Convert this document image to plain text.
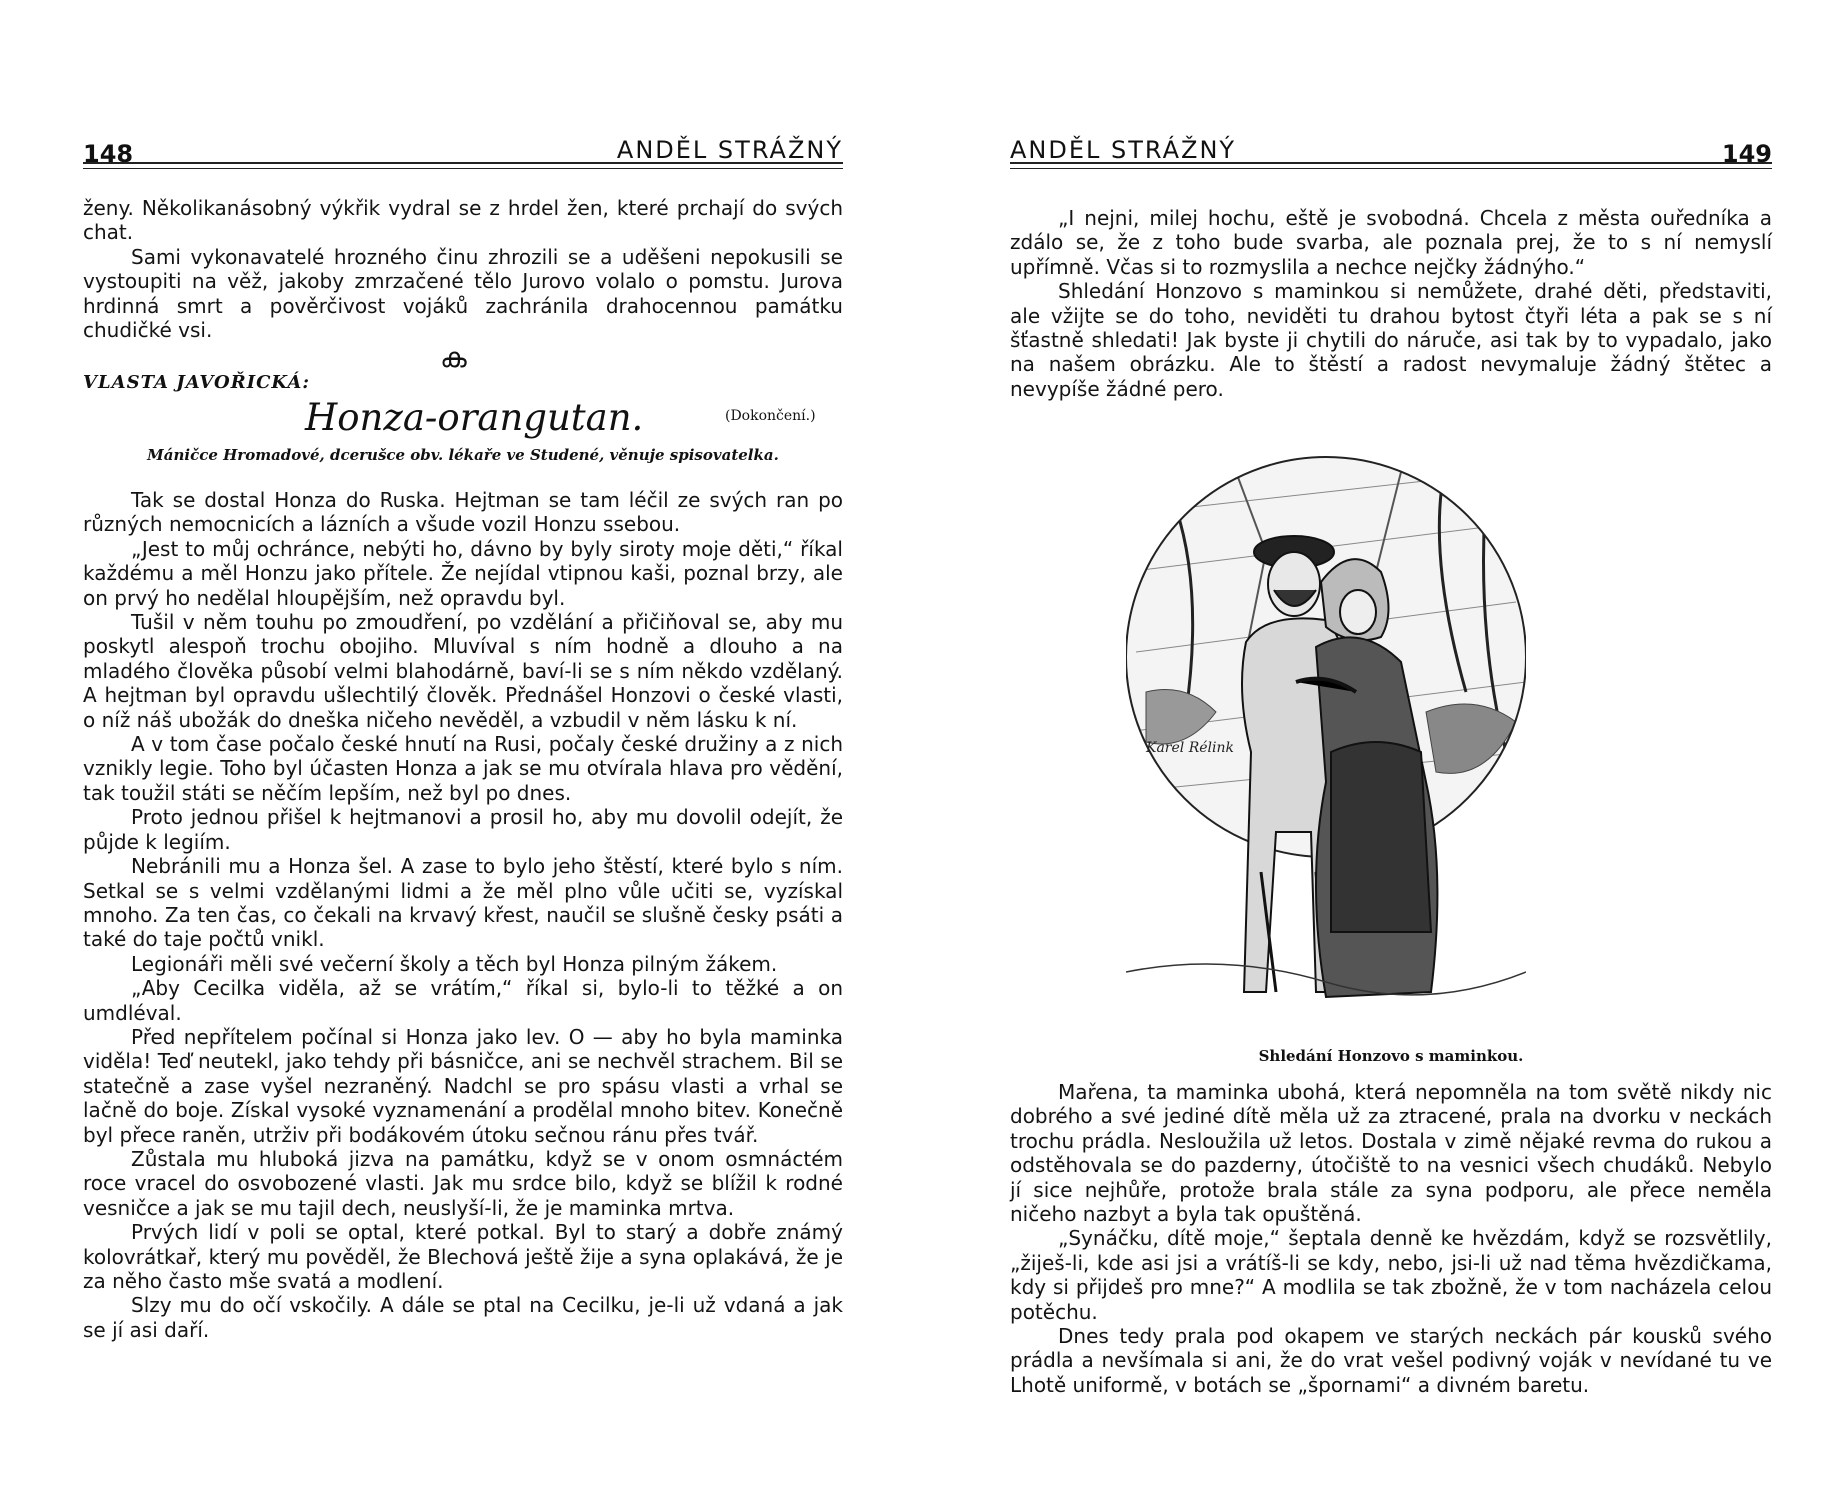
148	ANDĚL STRÁŽNÝ

ženy. Několikanásobný výkřik vydral se z hrdel žen, které prchají do svých chat.

Sami vykonavatelé hrozného činu zhrozili se a uděšeni nepokusili se vystoupiti na věž, jakoby zmrzačené tělo Jurovo volalo o pomstu. Jurova hrdinná smrt a pověrčivost vojáků zachránila drahocennou památku chudičké vsi.

ക
VLASTA JAVOŘICKÁ:
Honza-orangutan.	(Dokončení.)
Máničce Hromadové, dcerušce obv. lékaře ve Studené, věnuje spisovatelka.

Tak se dostal Honza do Ruska. Hejtman se tam léčil ze svých ran po různých nemocnicích a lázních a všude vozil Honzu ssebou.

„Jest to můj ochránce, nebýti ho, dávno by byly siroty moje děti,“ říkal každému a měl Honzu jako přítele. Že nejídal vtipnou kaši, poznal brzy, ale on prvý ho nedělal hloupějším, než opravdu byl.

Tušil v něm touhu po zmoudření, po vzdělání a přičiňoval se, aby mu poskytl alespoň trochu obojiho. Mluvíval s ním hodně a dlouho a na mladého člověka působí velmi blahodárně, baví-li se s ním někdo vzdělaný. A hejtman byl opravdu ušlechtilý člověk. Přednášel Honzovi o české vlasti, o níž náš ubožák do dneška ničeho nevěděl, a vzbudil v něm lásku k ní.

A v tom čase počalo české hnutí na Rusi, počaly české družiny a z nich vznikly legie. Toho byl účasten Honza a jak se mu otvírala hlava pro vědění, tak toužil státi se něčím lepším, než byl po dnes.

Proto jednou přišel k hejtmanovi a prosil ho, aby mu dovolil odejít, že půjde k legiím.

Nebránili mu a Honza šel. A zase to bylo jeho štěstí, které bylo s ním. Setkal se s velmi vzdělanými lidmi a že měl plno vůle učiti se, vyzískal mnoho. Za ten čas, co čekali na krvavý křest, naučil se slušně česky psáti a také do taje počtů vnikl.

Legionáři měli své večerní školy a těch byl Honza pilným žákem.

„Aby Cecilka viděla, až se vrátím,“ říkal si, bylo-li to těžké a on umdléval.

Před nepřítelem počínal si Honza jako lev. O — aby ho byla maminka viděla! Teď neutekl, jako tehdy při básničce, ani se nechvěl strachem. Bil se statečně a zase vyšel nezraněný. Nadchl se pro spásu vlasti a vrhal se lačně do boje. Získal vysoké vyznamenání a prodělal mnoho bitev. Konečně byl přece raněn, utrživ při bodákovém útoku sečnou ránu přes tvář.

Zůstala mu hluboká jizva na památku, když se v onom osmnáctém roce vracel do osvobozené vlasti. Jak mu srdce bilo, když se blížil k rodné vesničce a jak se mu tajil dech, neuslyší-li, že je maminka mrtva.

Prvých lidí v poli se optal, které potkal. Byl to starý a dobře známý kolovrátkař, který mu pověděl, že Blechová ještě žije a syna oplakává, že je za něho často mše svatá a modlení.

Slzy mu do očí vskočily. A dále se ptal na Cecilku, je-li už vdaná a jak se jí asi daří.

ANDĚL STRÁŽNÝ	149

„I nejni, milej hochu, eště je svobodná. Chcela z města ouředníka a zdálo se, že z toho bude svarba, ale poznala prej, že to s ní nemyslí upřímně. Včas si to rozmyslila a nechce nejčky žádnýho.“

Shledání Honzovo s maminkou si nemůžete, drahé děti, představiti, ale vžijte se do toho, neviděti tu drahou bytost čtyři léta a pak se s ní šťastně shledati! Jak byste ji chytili do náruče, asi tak by to vypadalo, jako na našem obrázku. Ale to štěstí a radost nevymaluje žádný štětec a nevypíše žádné pero.

Karel Rélink
Shledání Honzovo s maminkou.

Mařena, ta maminka ubohá, která nepomněla na tom světě nikdy nic dobrého a své jediné dítě měla už za ztracené, prala na dvorku v neckách trochu prádla. Nesloužila už letos. Dostala v zimě nějaké revma do rukou a odstěhovala se do pazderny, útočiště to na vesnici všech chudáků. Nebylo jí sice nejhůře, protože brala stále za syna podporu, ale přece neměla ničeho nazbyt a byla tak opuštěná.

„Synáčku, dítě moje,“ šeptala denně ke hvězdám, když se rozsvětlily, „žiješ-li, kde asi jsi a vrátíš-li se kdy, nebo, jsi-li už nad těma hvězdičkama, kdy si přijdeš pro mne?“ A modlila se tak zbožně, že v tom nacházela celou potěchu.

Dnes tedy prala pod okapem ve starých neckách pár kousků svého prádla a nevšímala si ani, že do vrat vešel podivný voják v nevídané tu ve Lhotě uniformě, v botách se „špornami“ a divném baretu.
